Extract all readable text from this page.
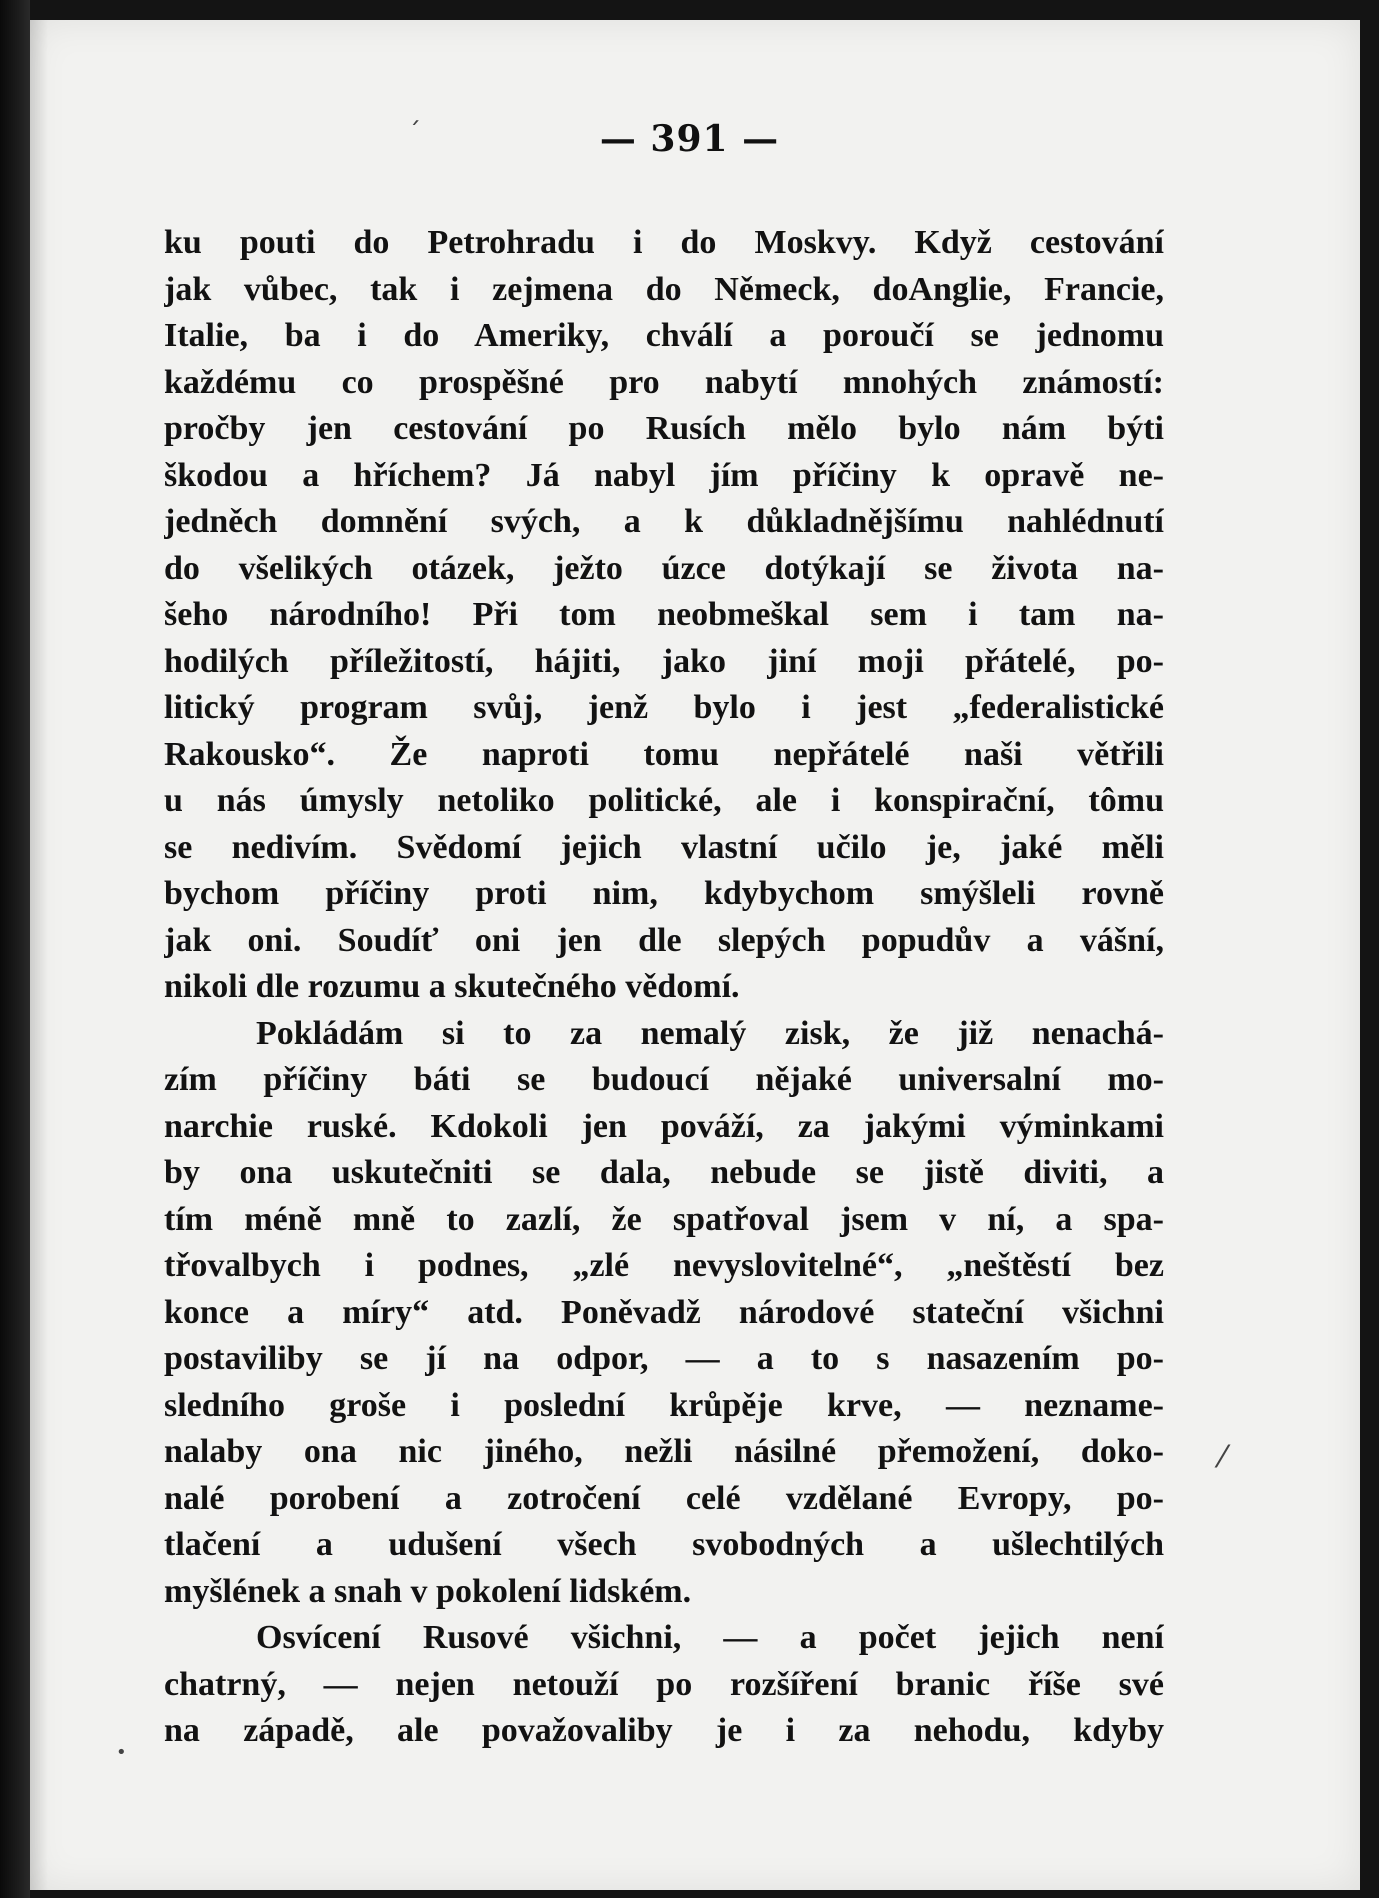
ˊ
⁄
•
— 391 —
ku pouti do Petrohradu i do Moskvy. Když cestování
jak vůbec, tak i zejmena do Německ, doAnglie, Francie,
Italie, ba i do Ameriky, chválí a poroučí se jednomu
každému co prospěšné pro nabytí mnohých známostí:
pročby jen cestování po Rusích mělo bylo nám býti
škodou a hříchem? Já nabyl jím příčiny k opravě ne-
jedněch domnění svých, a k důkladnějšímu nahlédnutí
do všelikých otázek, ježto úzce dotýkají se života na-
šeho národního! Při tom neobmeškal sem i tam na-
hodilých příležitostí, hájiti, jako jiní moji přátelé, po-
litický program svůj, jenž bylo i jest „federalistické
Rakousko“. Že naproti tomu nepřátelé naši větřili
u nás úmysly netoliko politické, ale i konspirační, tômu
se nedivím. Svědomí jejich vlastní učilo je, jaké měli
bychom příčiny proti nim, kdybychom smýšleli rovně
jak oni. Soudíť oni jen dle slepých popudův a vášní,
nikoli dle rozumu a skutečného vědomí.
Pokládám si to za nemalý zisk, že již nenachá-
zím příčiny báti se budoucí nějaké universalní mo-
narchie ruské. Kdokoli jen pováží, za jakými výminkami
by ona uskutečniti se dala, nebude se jistě diviti, a
tím méně mně to zazlí, že spatřoval jsem v ní, a spa-
třovalbych i podnes, „zlé nevyslovitelné“, „neštěstí bez
konce a míry“ atd. Poněvadž národové stateční všichni
postaviliby se jí na odpor, — a to s nasazením po-
sledního groše i poslední krůpěje krve, — neznamе-
nalaby ona nic jiného, nežli násilné přemožení, doko-
nalé porobení a zotročení celé vzdělané Evropy, po-
tlačení a udušení všech svobodných a ušlechtilých
myšlének a snah v pokolení lidském.
Osvícení Rusové všichni, — a počet jejich není
chatrný, — nejen netouží po rozšíření branic říše své
na západě, ale považovaliby je i za nehodu, kdyby
